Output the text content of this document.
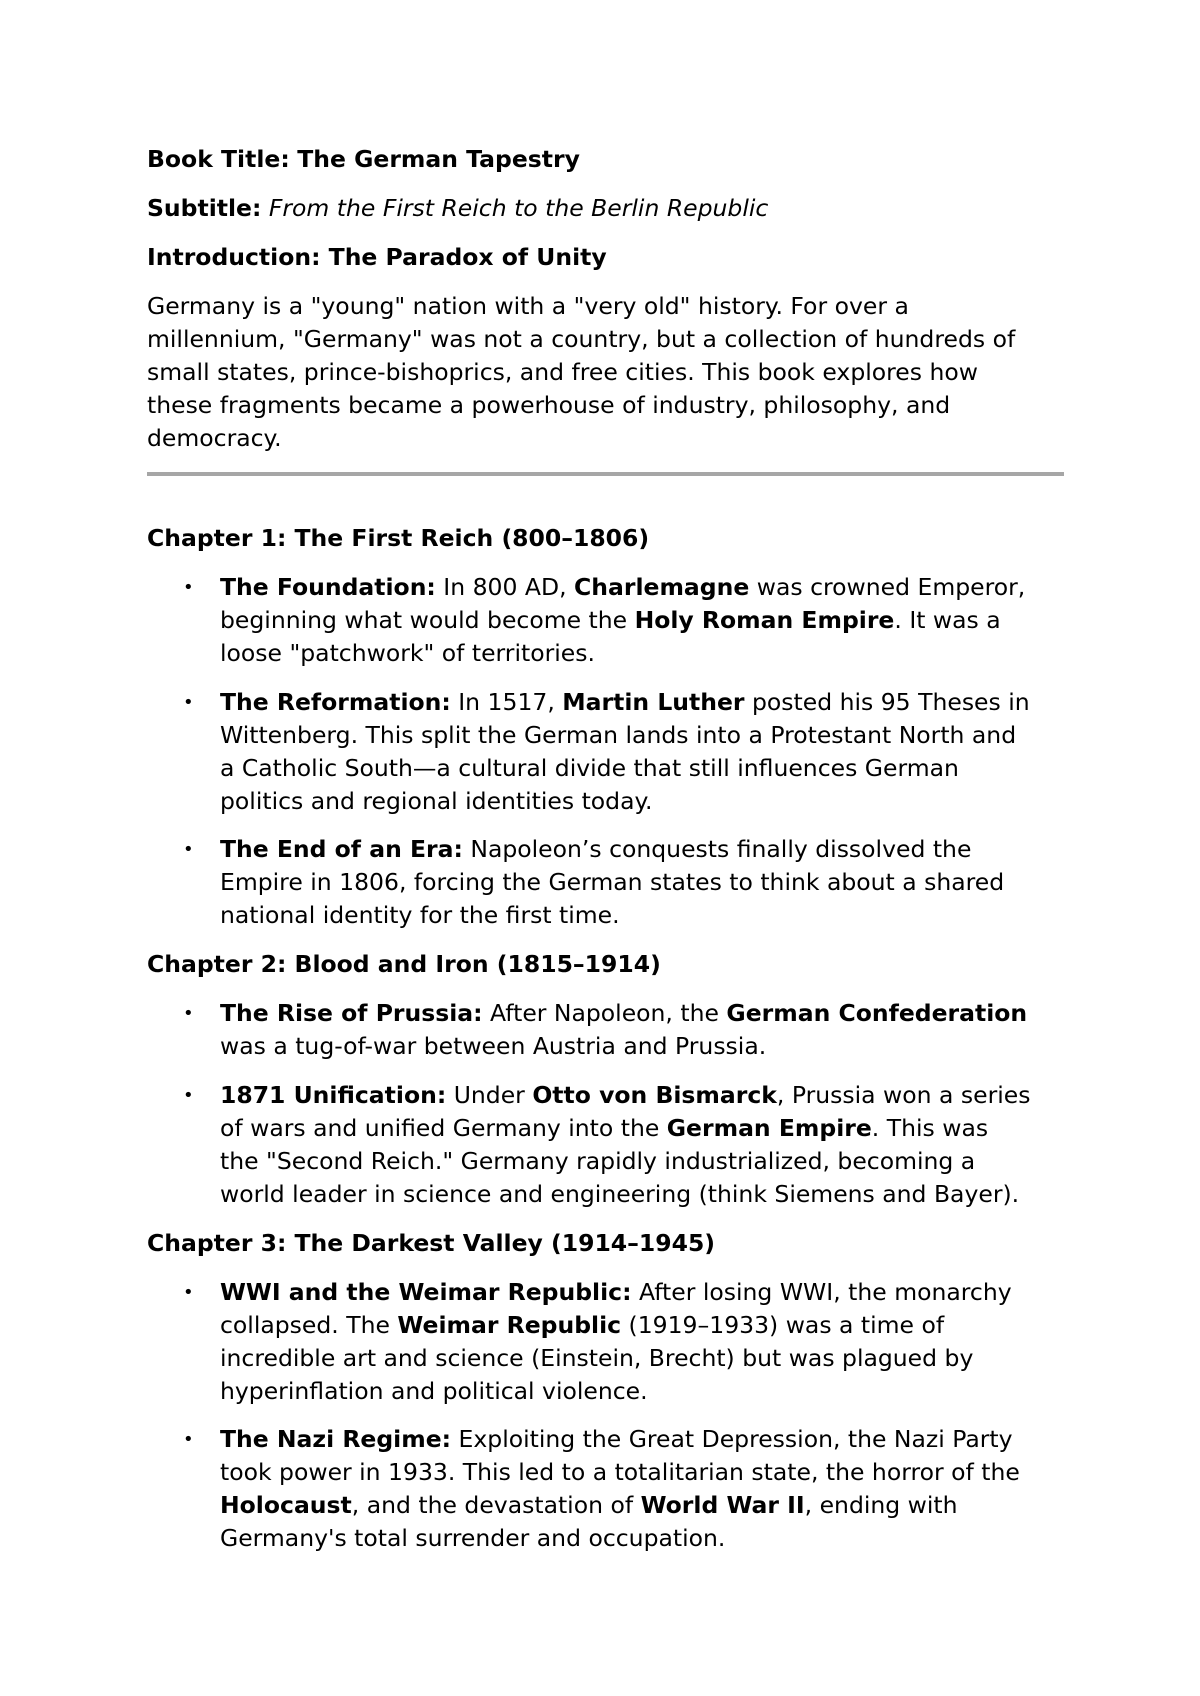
Book Title: The German Tapestry

Subtitle: From the First Reich to the Berlin Republic

Introduction: The Paradox of Unity

Germany is a "young" nation with a "very old" history. For over a

millennium, "Germany" was not a country, but a collection of hundreds of

small states, prince-bishoprics, and free cities. This book explores how

these fragments became a powerhouse of industry, philosophy, and

democracy.

Chapter 1: The First Reich (800–1806)

• The Foundation: In 800 AD, Charlemagne was crowned Emperor,

beginning what would become the Holy Roman Empire. It was a

loose "patchwork" of territories.

• The Reformation: In 1517, Martin Luther posted his 95 Theses in

Wittenberg. This split the German lands into a Protestant North and

a Catholic South—a cultural divide that still influences German

politics and regional identities today.

• The End of an Era: Napoleon’s conquests finally dissolved the

Empire in 1806, forcing the German states to think about a shared

national identity for the first time.

Chapter 2: Blood and Iron (1815–1914)

• The Rise of Prussia: After Napoleon, the German Confederation

was a tug-of-war between Austria and Prussia.

• 1871 Unification: Under Otto von Bismarck, Prussia won a series

of wars and unified Germany into the German Empire. This was

the "Second Reich." Germany rapidly industrialized, becoming a

world leader in science and engineering (think Siemens and Bayer).

Chapter 3: The Darkest Valley (1914–1945)

• WWI and the Weimar Republic: After losing WWI, the monarchy

collapsed. The Weimar Republic (1919–1933) was a time of

incredible art and science (Einstein, Brecht) but was plagued by

hyperinflation and political violence.

• The Nazi Regime: Exploiting the Great Depression, the Nazi Party

took power in 1933. This led to a totalitarian state, the horror of the

Holocaust, and the devastation of World War II, ending with

Germany's total surrender and occupation.
